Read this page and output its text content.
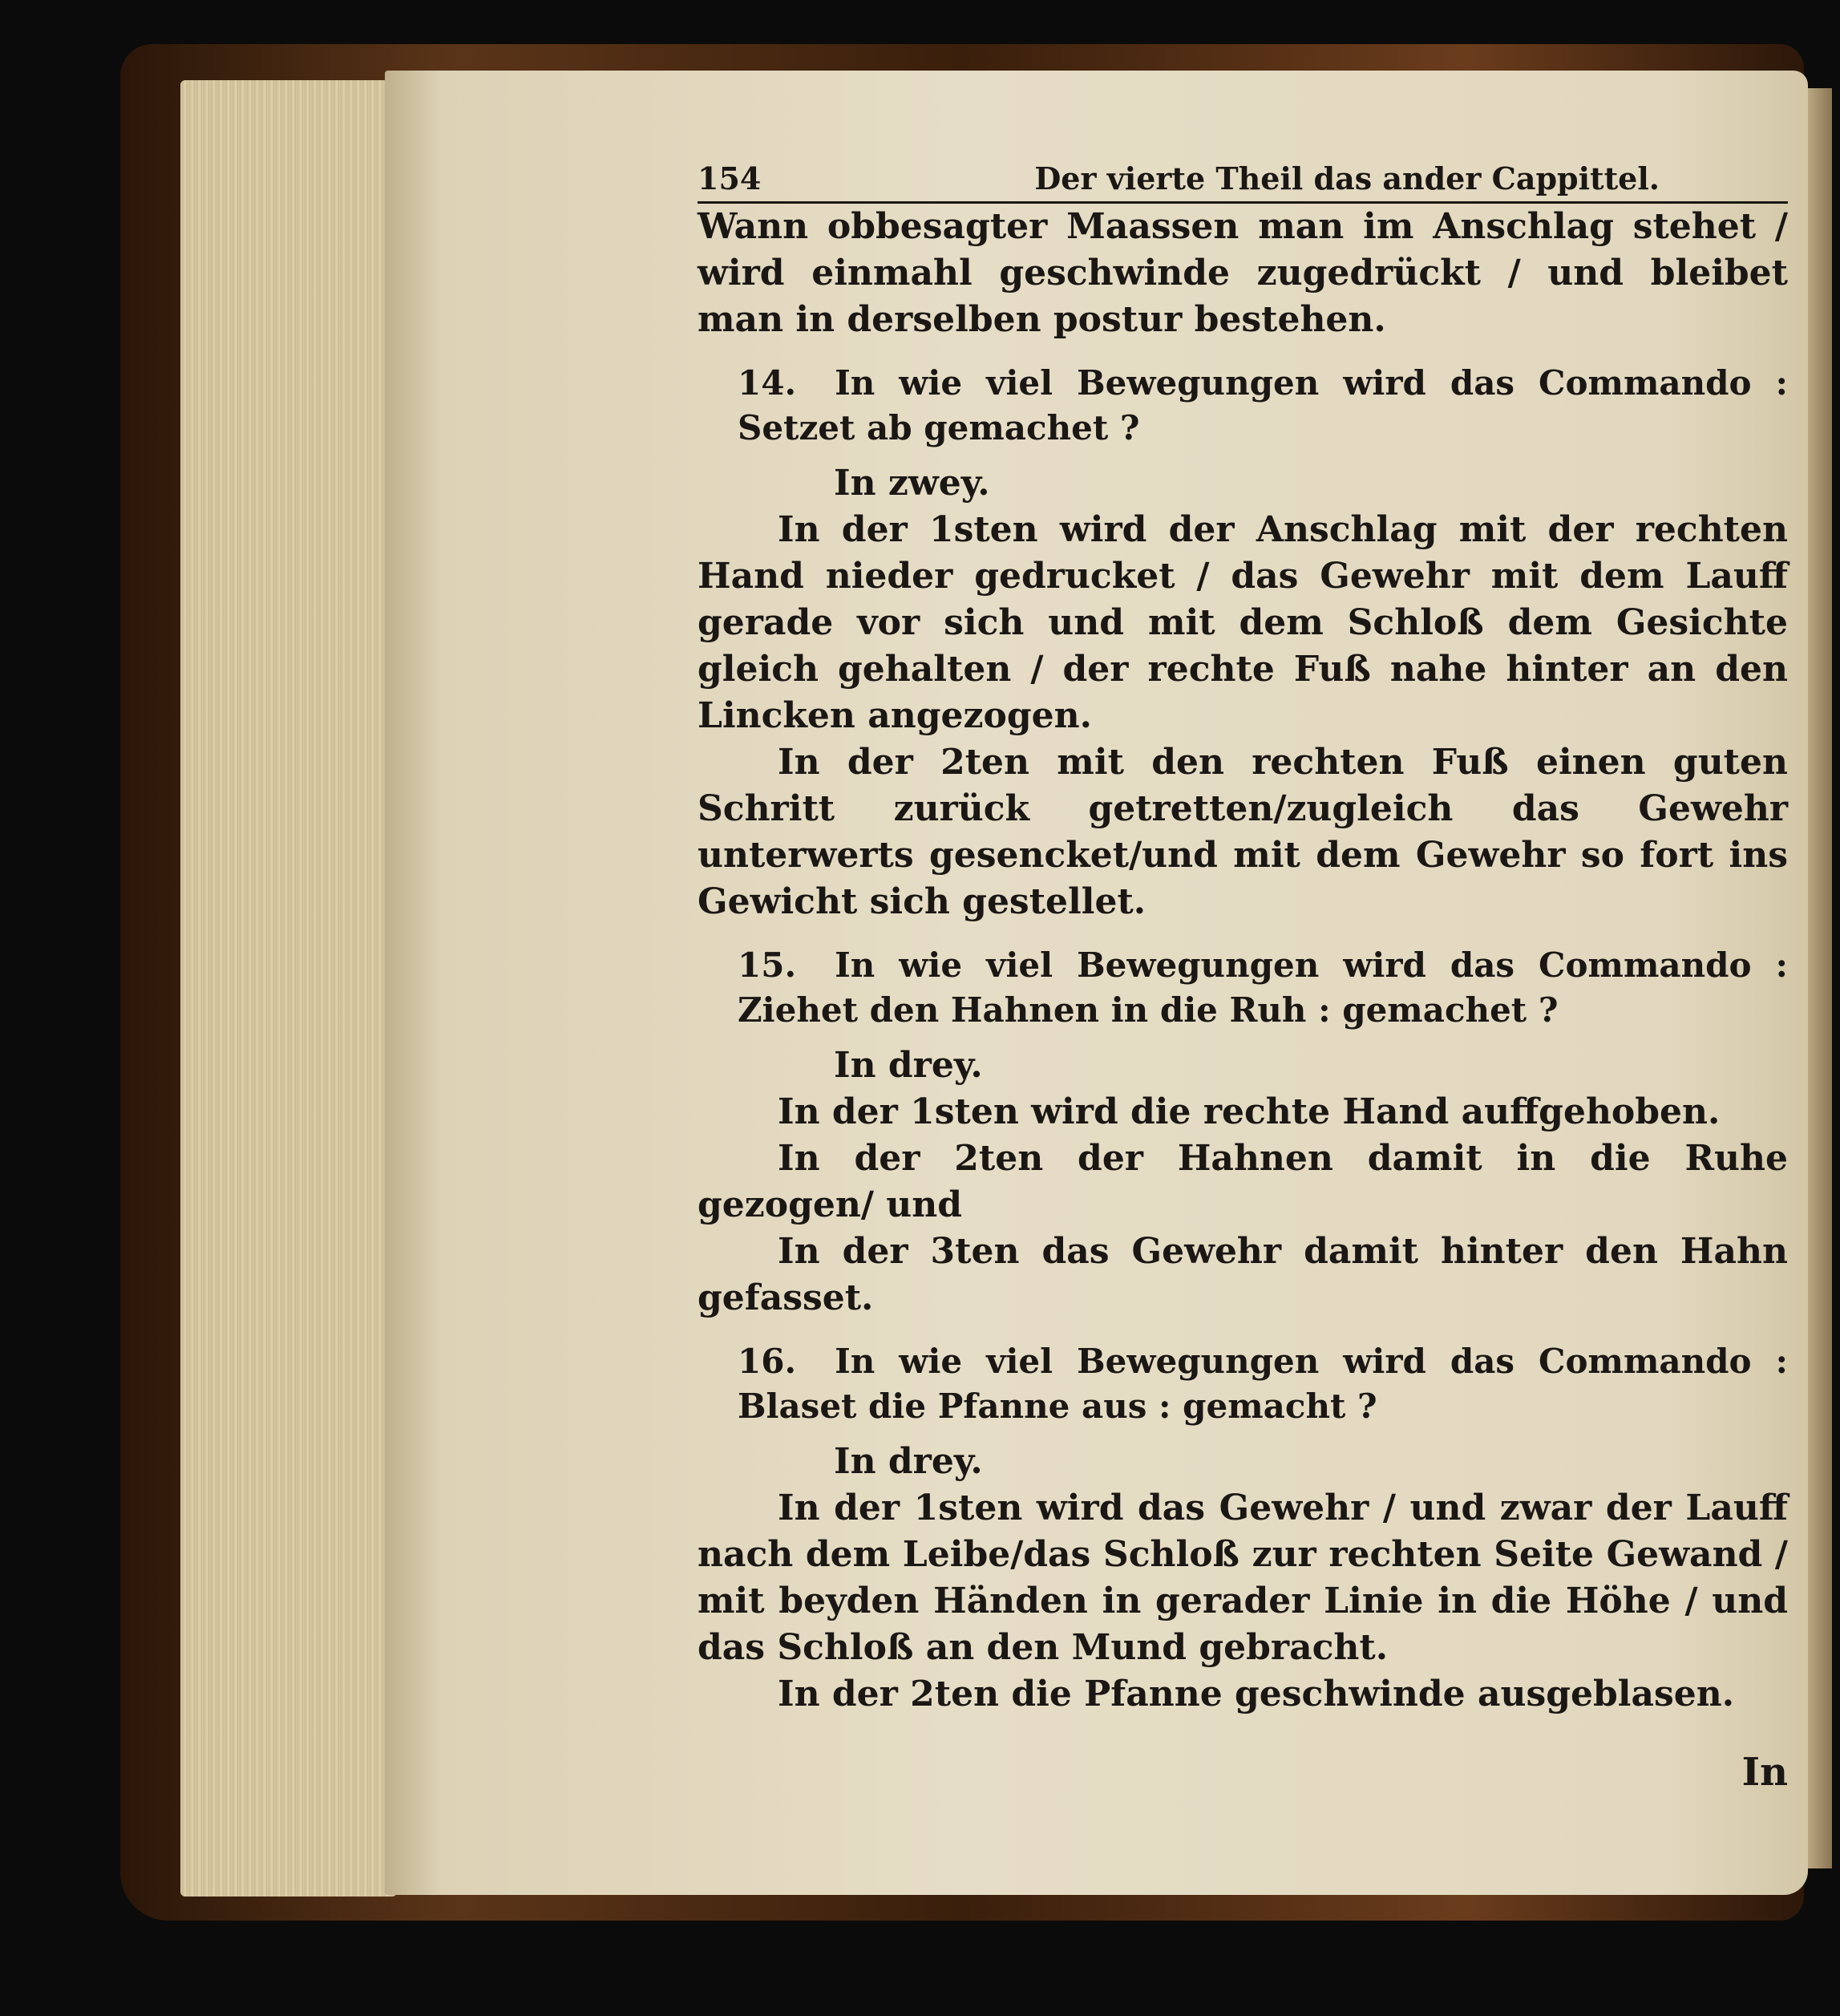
154	Der vierte Theil das ander Cappittel.

Wann obbesagter Maassen man im Anschlag stehet / wird einmahl geschwinde zugedrückt / und bleibet man in derselben postur bestehen.

14. In wie viel Bewegungen wird das Commando : Setzet ab gemachet ?

In zwey.

In der 1sten wird der Anschlag mit der rechten Hand nieder gedrucket / das Gewehr mit dem Lauff gerade vor sich und mit dem Schloß dem Gesichte gleich gehalten / der rechte Fuß nahe hinter an den Lincken angezogen.

In der 2ten mit den rechten Fuß einen guten Schritt zurück getretten/zugleich das Gewehr unterwerts gesencket/und mit dem Gewehr so fort ins Gewicht sich gestellet.

15. In wie viel Bewegungen wird das Commando : Ziehet den Hahnen in die Ruh : gemachet ?

In drey.

In der 1sten wird die rechte Hand auffgehoben.

In der 2ten der Hahnen damit in die Ruhe gezogen/ und

In der 3ten das Gewehr damit hinter den Hahn gefasset.

16. In wie viel Bewegungen wird das Commando : Blaset die Pfanne aus : gemacht ?

In drey.

In der 1sten wird das Gewehr / und zwar der Lauff nach dem Leibe/das Schloß zur rechten Seite Gewand / mit beyden Händen in gerader Linie in die Höhe / und das Schloß an den Mund gebracht.

In der 2ten die Pfanne geschwinde ausgeblasen.

In
